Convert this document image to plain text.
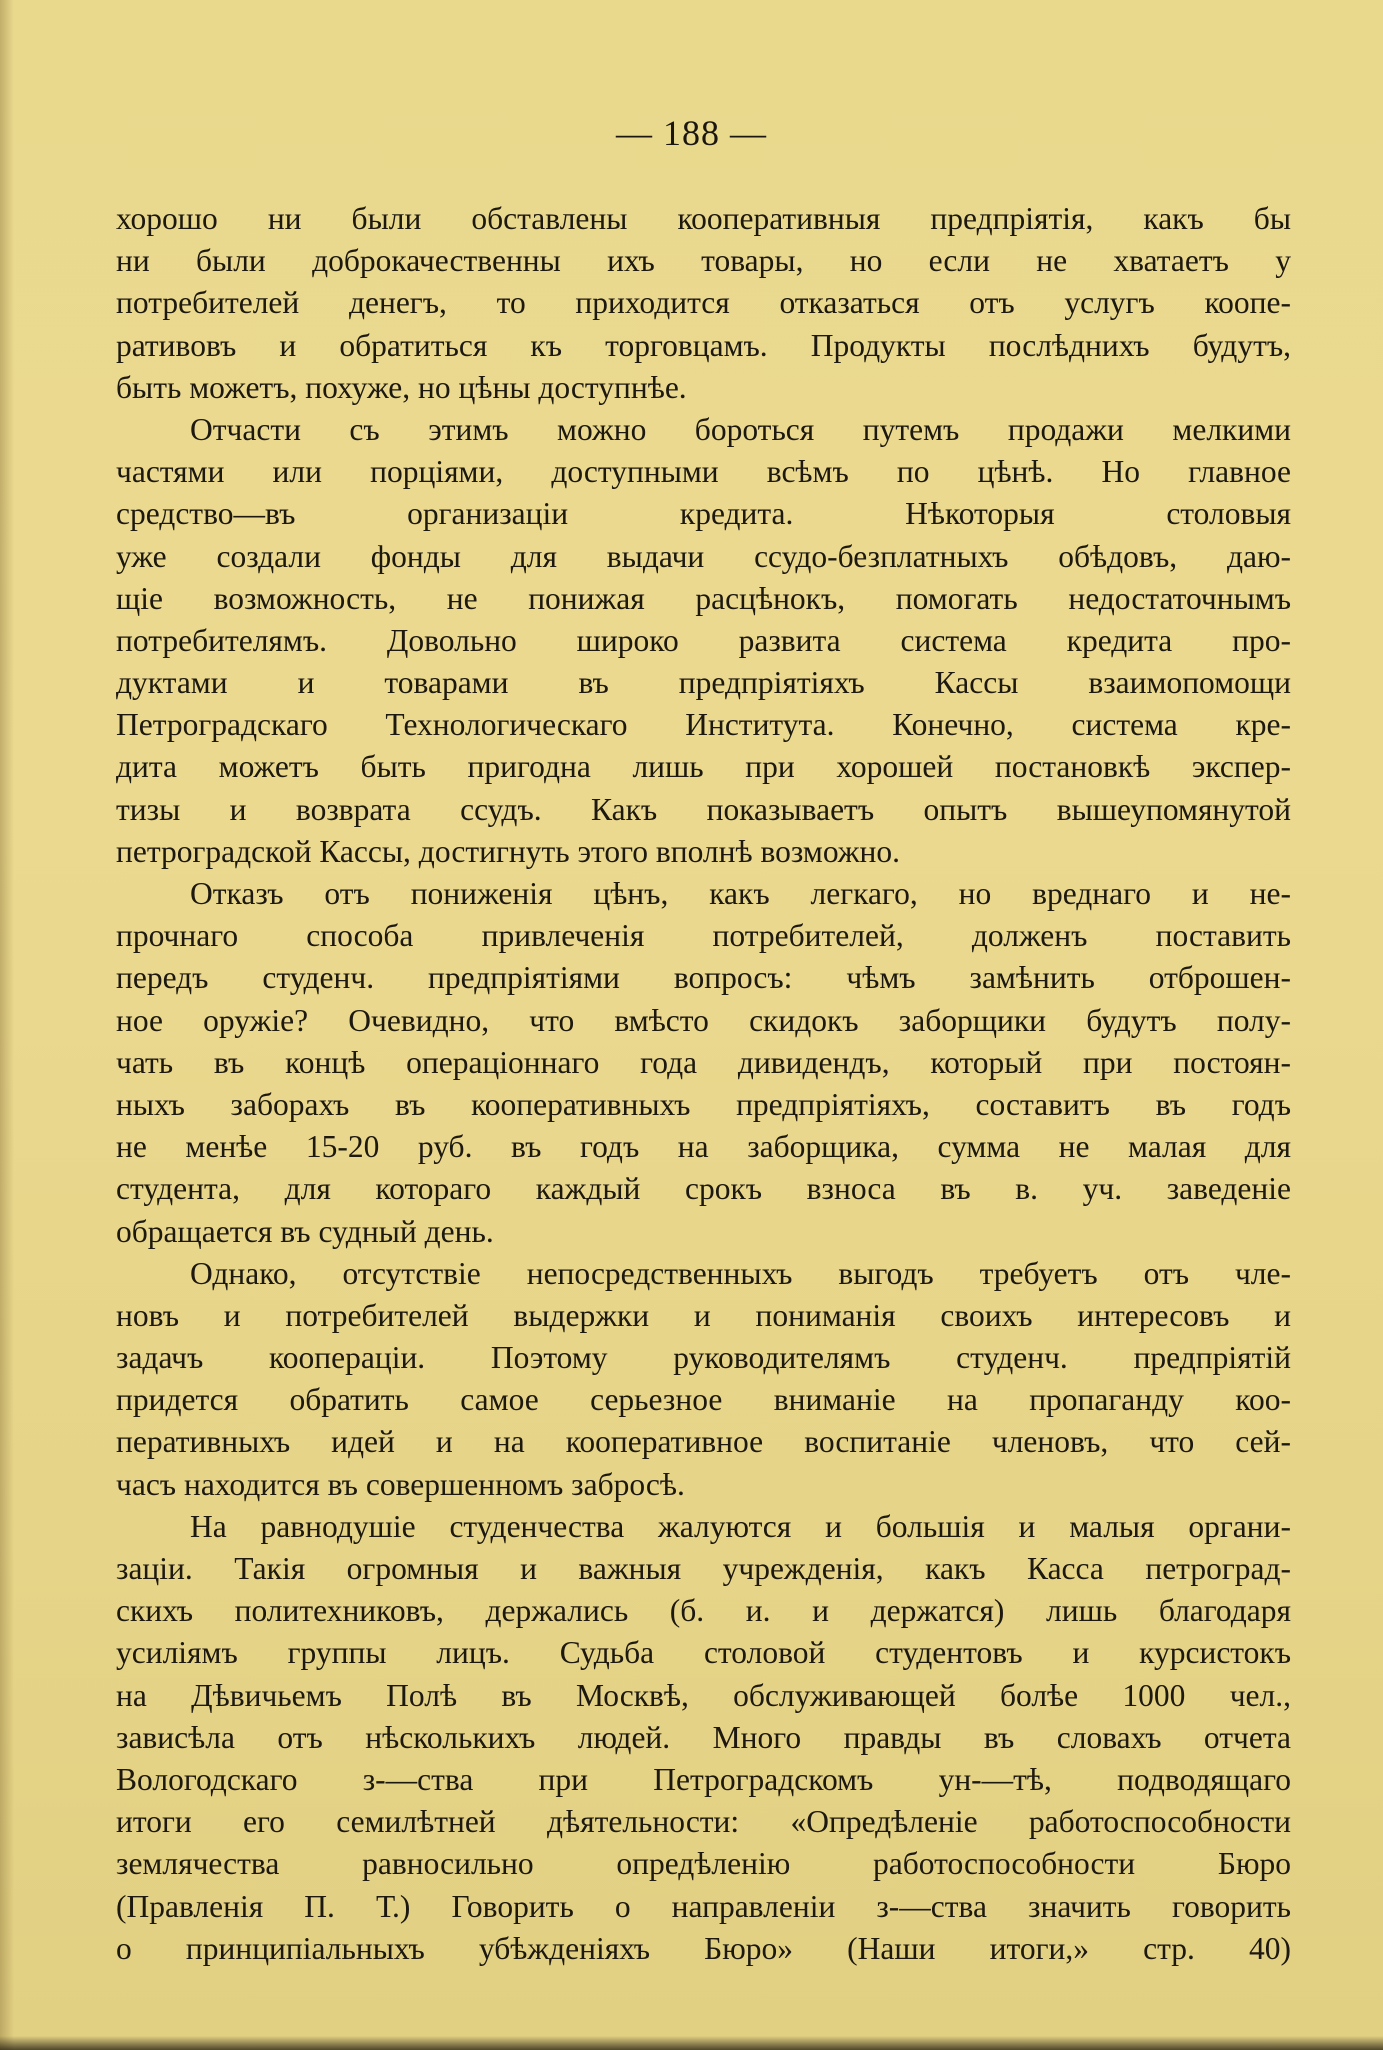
— 188 —
хорошо ни были обставлены кооперативныя предпріятія, какъ бы
ни были доброкачественны ихъ товары, но если не хватаетъ у
потребителей денегъ, то приходится отказаться отъ услугъ коопе-
ративовъ и обратиться къ торговцамъ. Продукты послѣднихъ будутъ,
быть можетъ, похуже, но цѣны доступнѣе.
Отчасти съ этимъ можно бороться путемъ продажи мелкими
частями или порціями, доступными всѣмъ по цѣнѣ. Но главное
средство—въ организаціи кредита. Нѣкоторыя столовыя
уже создали фонды для выдачи ссудо-безплатныхъ обѣдовъ, даю-
щіе возможность, не понижая расцѣнокъ, помогать недостаточнымъ
потребителямъ. Довольно широко развита система кредита про-
дуктами и товарами въ предпріятіяхъ Кассы взаимопомощи
Петроградскаго Технологическаго Института. Конечно, система кре-
дита можетъ быть пригодна лишь при хорошей постановкѣ экспер-
тизы и возврата ссудъ. Какъ показываетъ опытъ вышеупомянутой
петроградской Кассы, достигнуть этого вполнѣ возможно.
Отказъ отъ пониженія цѣнъ, какъ легкаго, но вреднаго и не-
прочнаго способа привлеченія потребителей, долженъ поставить
передъ студенч. предпріятіями вопросъ: чѣмъ замѣнить отброшен-
ное оружіе? Очевидно, что вмѣсто скидокъ заборщики будутъ полу-
чать въ концѣ операціоннаго года дивидендъ, который при постоян-
ныхъ заборахъ въ кооперативныхъ предпріятіяхъ, составитъ въ годъ
не менѣе 15-20 руб. въ годъ на заборщика, сумма не малая для
студента, для котораго каждый срокъ взноса въ в. уч. заведеніе
обращается въ судный день.
Однако, отсутствіе непосредственныхъ выгодъ требуетъ отъ чле-
новъ и потребителей выдержки и пониманія своихъ интересовъ и
задачъ коопераціи. Поэтому руководителямъ студенч. предпріятій
придется обратить самое серьезное вниманіе на пропаганду коо-
перативныхъ идей и на кооперативное воспитаніе членовъ, что сей-
часъ находится въ совершенномъ забросѣ.
На равнодушіе студенчества жалуются и большія и малыя органи-
заціи. Такія огромныя и важныя учрежденія, какъ Касса петроград-
скихъ политехниковъ, держались (б. и. и держатся) лишь благодаря
усиліямъ группы лицъ. Судьба столовой студентовъ и курсистокъ
на Дѣвичьемъ Полѣ въ Москвѣ, обслуживающей болѣе 1000 чел.,
зависѣла отъ нѣсколькихъ людей. Много правды въ словахъ отчета
Вологодскаго з-—ства при Петроградскомъ ун-—тѣ, подводящаго
итоги его семилѣтней дѣятельности: «Опредѣленіе работоспособности
землячества равносильно опредѣленію работоспособности Бюро
(Правленія П. Т.) Говорить о направленіи з-—ства значить говорить
о принципіальныхъ убѣжденіяхъ Бюро» (Наши итоги,» стр. 40)
